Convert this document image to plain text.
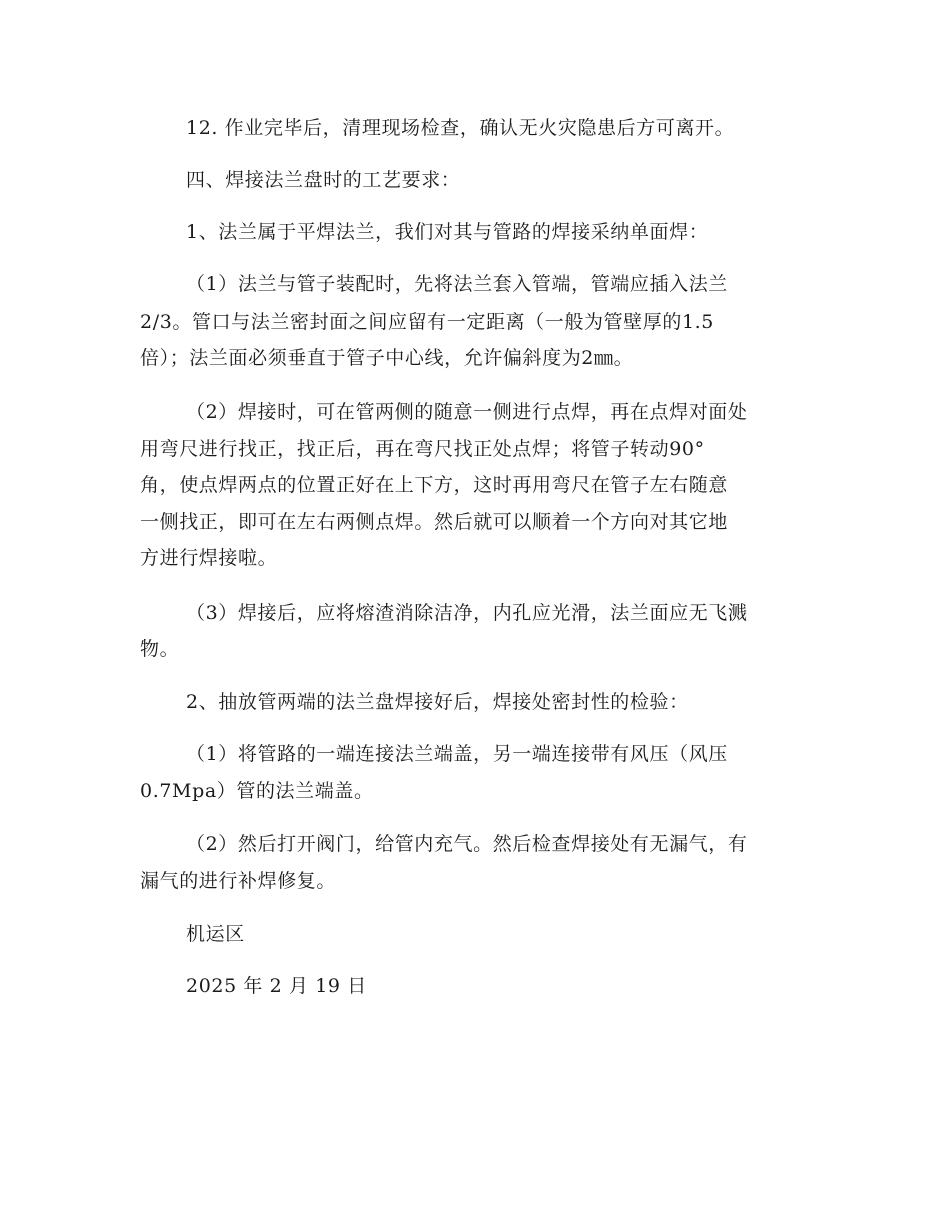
12. 作业完毕后，清理现场检查，确认无火灾隐患后方可离开。
四、焊接法兰盘时的工艺要求：
1、法兰属于平焊法兰，我们对其与管路的焊接采纳单面焊：
（1）法兰与管子装配时，先将法兰套入管端，管端应插入法兰
2/3。管口与法兰密封面之间应留有一定距离（一般为管壁厚的1.5
倍）；法兰面必须垂直于管子中心线，允许偏斜度为2㎜。
（2）焊接时，可在管两侧的随意一侧进行点焊，再在点焊对面处
用弯尺进行找正，找正后，再在弯尺找正处点焊；将管子转动90°
角，使点焊两点的位置正好在上下方，这时再用弯尺在管子左右随意
一侧找正，即可在左右两侧点焊。然后就可以顺着一个方向对其它地
方进行焊接啦。
（3）焊接后，应将熔渣消除洁净，内孔应光滑，法兰面应无飞溅
物。
2、抽放管两端的法兰盘焊接好后，焊接处密封性的检验：
（1）将管路的一端连接法兰端盖，另一端连接带有风压（风压
0.7Mpa）管的法兰端盖。
（2）然后打开阀门，给管内充气。然后检查焊接处有无漏气，有
漏气的进行补焊修复。
机运区
2025 年 2 月 19 日
